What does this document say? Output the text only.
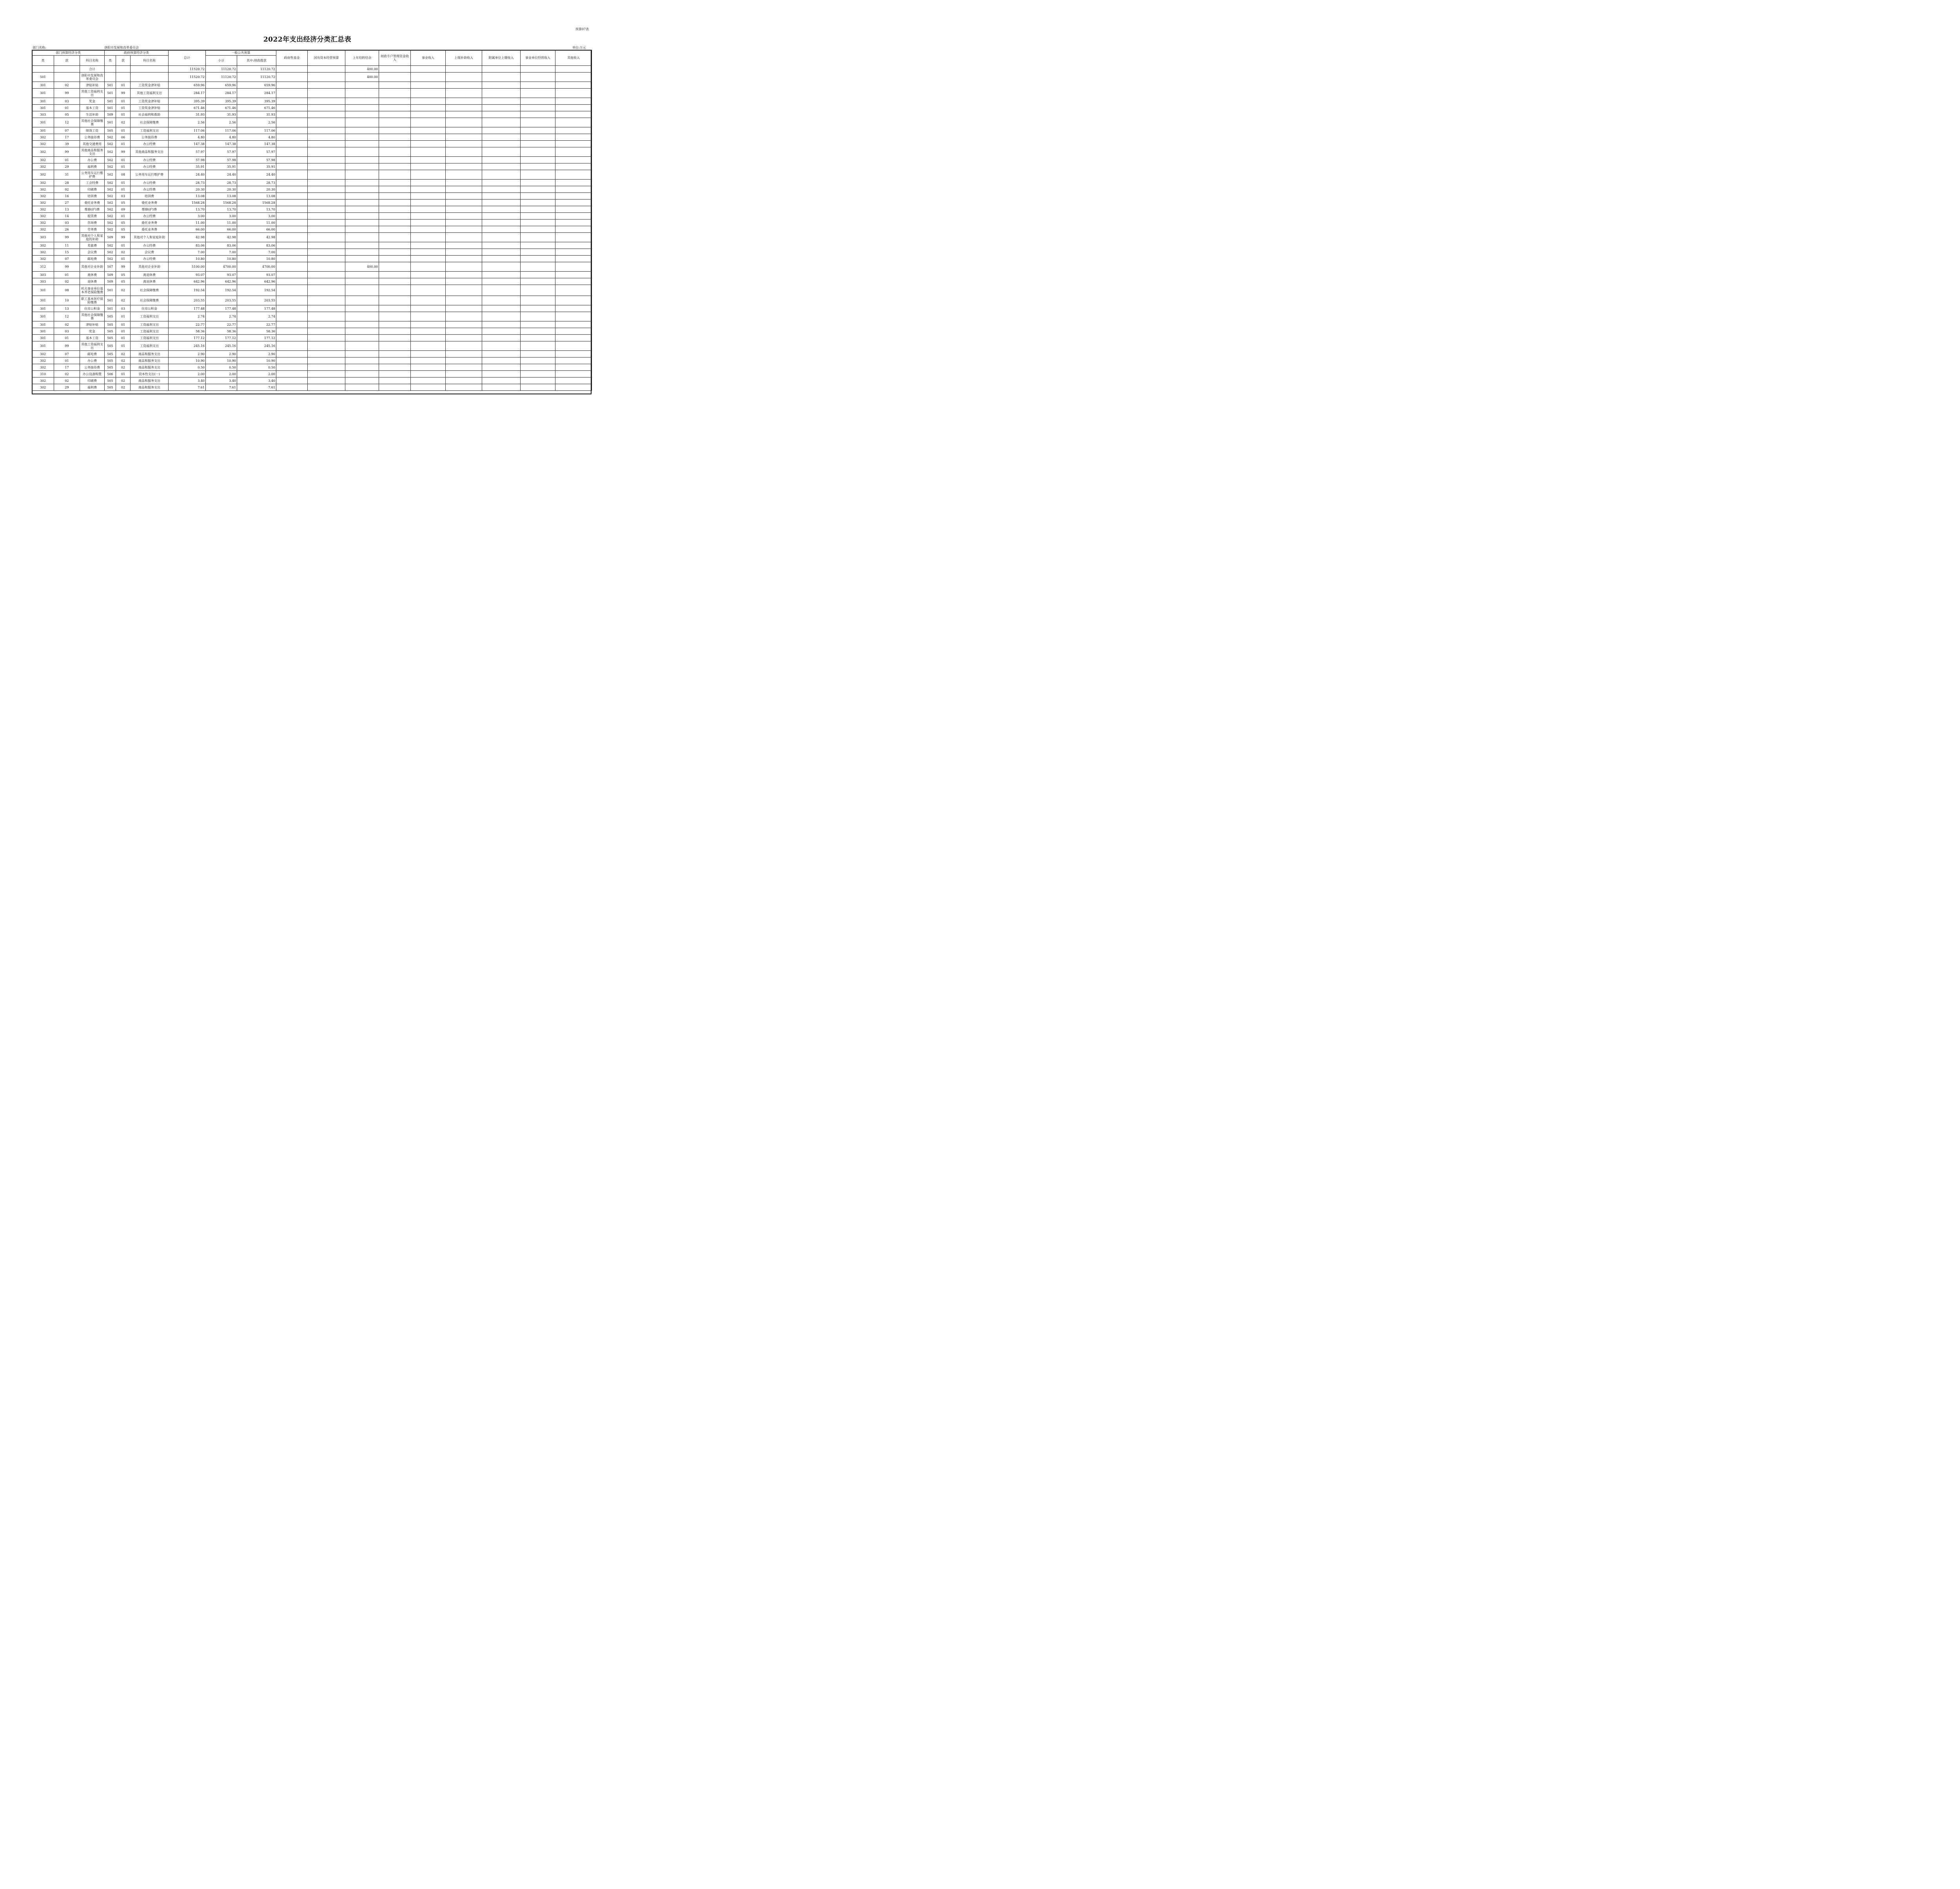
预算07表
2022年支出经济分类汇总表
部门名称:	洛阳市发展和改革委员会	单位:万元
部门预算经济分类			政府预算经济分类			总计	一般公共预算		政府性基金	国有资本经营预算	上年结转结余	财政专户管理资金收入	事业收入	上级补助收入	附属单位上缴收入	事业单位经营收入	其他收入
类	款	科目名称	类	款	科目名称		小计	其中:财政拨款									
		合计				11520.72	11120.72	11120.72			400.00						
501		洛阳市发展和改革委员会				11520.72	11120.72	11120.72			400.00						
301	02	津贴补贴	501	01	工资奖金津补贴	659.96	659.96	659.96									
301	99	其他工资福利支出	501	99	其他工资福利支出	284.17	284.17	284.17									
301	03	奖金	501	01	工资奖金津补贴	395.39	395.39	395.39									
301	01	基本工资	501	01	工资奖金津补贴	671.46	671.46	671.46									
303	05	生活补助	509	01	社会福利和救助	31.93	31.93	31.93									
301	12	其他社会保障缴费	501	02	社会保障缴费	2.56	2.56	2.56									
301	07	绩效工资	505	01	工资福利支出	117.06	117.06	117.06									
302	17	公务接待费	502	06	公务接待费	4.80	4.80	4.80									
302	39	其他交通费用	502	01	办公经费	147.38	147.38	147.38									
302	99	其他商品和服务支出	502	99	其他商品和服务支出	57.97	57.97	57.97									
302	01	办公费	502	01	办公经费	57.98	57.98	57.98									
302	29	福利费	502	01	办公经费	35.91	35.91	35.91									
302	31	公务用车运行维护费	502	08	公务用车运行维护费	24.40	24.40	24.40									
302	28	工会经费	502	01	办公经费	28.73	28.73	28.73									
302	02	印刷费	502	01	办公经费	20.30	20.30	20.30									
302	16	培训费	502	03	培训费	13.08	13.08	13.08									
302	27	委托业务费	502	05	委托业务费	1568.28	1568.28	1568.28									
302	13	维修(护)费	502	09	维修(护)费	13.70	13.70	13.70									
302	14	租赁费	502	01	办公经费	3.00	3.00	3.00									
302	03	咨询费	502	05	委托业务费	11.00	11.00	11.00									
302	26	劳务费	502	05	委托业务费	66.00	66.00	66.00									
303	99	其他对个人和家庭的补助	509	99	其他对个人和家庭补助	42.98	42.98	42.98									
302	11	差旅费	502	01	办公经费	83.06	83.06	83.06									
302	15	会议费	502	02	会议费	7.00	7.00	7.00									
302	07	邮电费	502	01	办公经费	10.80	10.80	10.80									
312	99	其他对企业补助	507	99	其他对企业补助	5100.00	4700.00	4700.00			400.00						
303	01	离休费	509	05	离退休费	93.07	93.07	93.07									
303	02	退休费	509	05	离退休费	642.96	642.96	642.96									
301	08	机关事业单位基本养老保险缴费	501	02	社会保障缴费	192.54	192.54	192.54									
301	10	职工基本医疗保险缴费	501	02	社会保障缴费	203.55	203.55	203.55									
301	13	住房公积金	501	03	住房公积金	177.48	177.48	177.48									
301	12	其他社会保障缴费	505	01	工资福利支出	2.74	2.74	2.74									
301	02	津贴补贴	505	01	工资福利支出	22.77	22.77	22.77									
301	03	奖金	505	01	工资福利支出	58.36	58.36	58.36									
301	01	基本工资	505	01	工资福利支出	177.12	177.12	177.12									
301	99	其他工资福利支出	505	01	工资福利支出	245.16	245.16	245.16									
302	07	邮电费	505	02	商品和服务支出	2.90	2.90	2.90									
302	01	办公费	505	02	商品和服务支出	10.90	10.90	10.90									
302	17	公务接待费	505	02	商品和服务支出	0.50	0.50	0.50									
310	02	办公设备购置	506	01	资本性支出(一)	2.00	2.00	2.00									
302	02	印刷费	505	02	商品和服务支出	3.40	3.40	3.40									
302	29	福利费	505	02	商品和服务支出	7.61	7.61	7.61									
